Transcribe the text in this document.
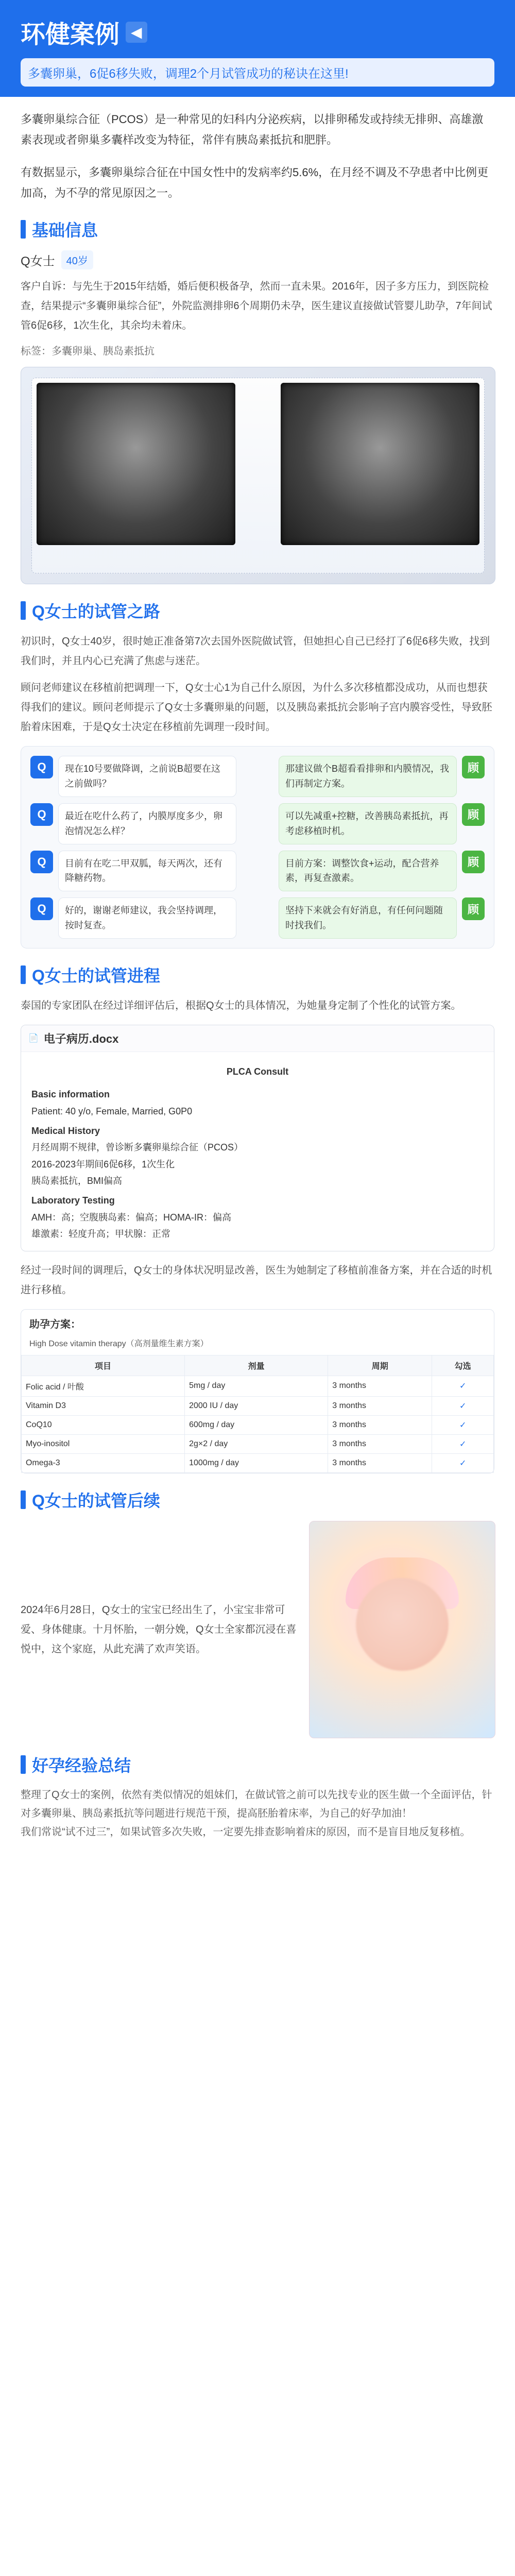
环健案例 ◀
多囊卵巢，6促6移失败，调理2个月试管成功的秘诀在这里!

多囊卵巢综合征（PCOS）是一种常见的妇科内分泌疾病，以排卵稀发或持续无排卵、高雄激素表现或者卵巢多囊样改变为特征，常伴有胰岛素抵抗和肥胖。

有数据显示，多囊卵巢综合征在中国女性中的发病率约5.6%，在月经不调及不孕患者中比例更加高，为不孕的常见原因之一。

基础信息
Q女士	40岁
客户自诉：与先生于2015年结婚，婚后便积极备孕，然而一直未果。2016年，因子多方压力，到医院检查，结果提示“多囊卵巢综合征”，外院监测排卵6个周期仍未孕，医生建议直接做试管婴儿助孕，7年间试管6促6移，1次生化，其余均未着床。
标签：多囊卵巢、胰岛素抵抗
Q女士的试管之路
初识时，Q女士40岁，很时她正准备第7次去国外医院做试管，但她担心自己已经打了6促6移失败，找到我们时，并且内心已充满了焦虑与迷茫。
顾问老师建议在移植前把调理一下，Q女士心1为自己什么原因，为什么多次移植都没成功，从而也想获得我们的建议。顾问老师提示了Q女士多囊卵巢的问题，以及胰岛素抵抗会影响子宫内膜容受性，导致胚胎着床困难，于是Q女士决定在移植前先调理一段时间。
Q	现在10号要做降调，之前说B超要在这之前做吗？
Q	最近在吃什么药了，内膜厚度多少，卵泡情况怎么样？
Q	目前有在吃二甲双胍，每天两次，还有降糖药物。
Q	好的，谢谢老师建议，我会坚持调理，按时复查。
顾
那建议做个B超看看排卵和内膜情况，我们再制定方案。
顾
可以先减重+控糖，改善胰岛素抵抗，再考虑移植时机。
顾
目前方案：调整饮食+运动，配合营养素，再复查激素。
顾
坚持下来就会有好消息，有任何问题随时找我们。
Q女士的试管进程
泰国的专家团队在经过详细评估后，根据Q女士的具体情况，为她量身定制了个性化的试管方案。
📄 电子病历.docx
PLCA Consult
Basic information
Patient: 40 y/o, Female, Married, G0P0
Medical History
月经周期不规律，曾诊断多囊卵巢综合征（PCOS）
2016-2023年期间6促6移，1次生化
胰岛素抵抗，BMI偏高
Laboratory Testing
AMH：高；空腹胰岛素：偏高；HOMA-IR：偏高
雄激素：轻度升高；甲状腺：正常
经过一段时间的调理后，Q女士的身体状况明显改善，医生为她制定了移植前准备方案，并在合适的时机进行移植。
助孕方案：
High Dose vitamin therapy（高剂量维生素方案）
项目	剂量	周期	勾选
Folic acid / 叶酸	5mg / day	3 months	✓
Vitamin D3	2000 IU / day	3 months	✓
CoQ10	600mg / day	3 months	✓
Myo-inositol	2g×2 / day	3 months	✓
Omega-3	1000mg / day	3 months	✓
Q女士的试管后续
2024年6月28日，Q女士的宝宝已经出生了，小宝宝非常可爱、身体健康。十月怀胎，一朝分娩，Q女士全家都沉浸在喜悦中，这个家庭，从此充满了欢声笑语。
好孕经验总结
整理了Q女士的案例，依然有类似情况的姐妹们，在做试管之前可以先找专业的医生做一个全面评估，针对多囊卵巢、胰岛素抵抗等问题进行规范干预，提高胚胎着床率，为自己的好孕加油！
我们常说“试不过三”，如果试管多次失败，一定要先排查影响着床的原因，而不是盲目地反复移植。
